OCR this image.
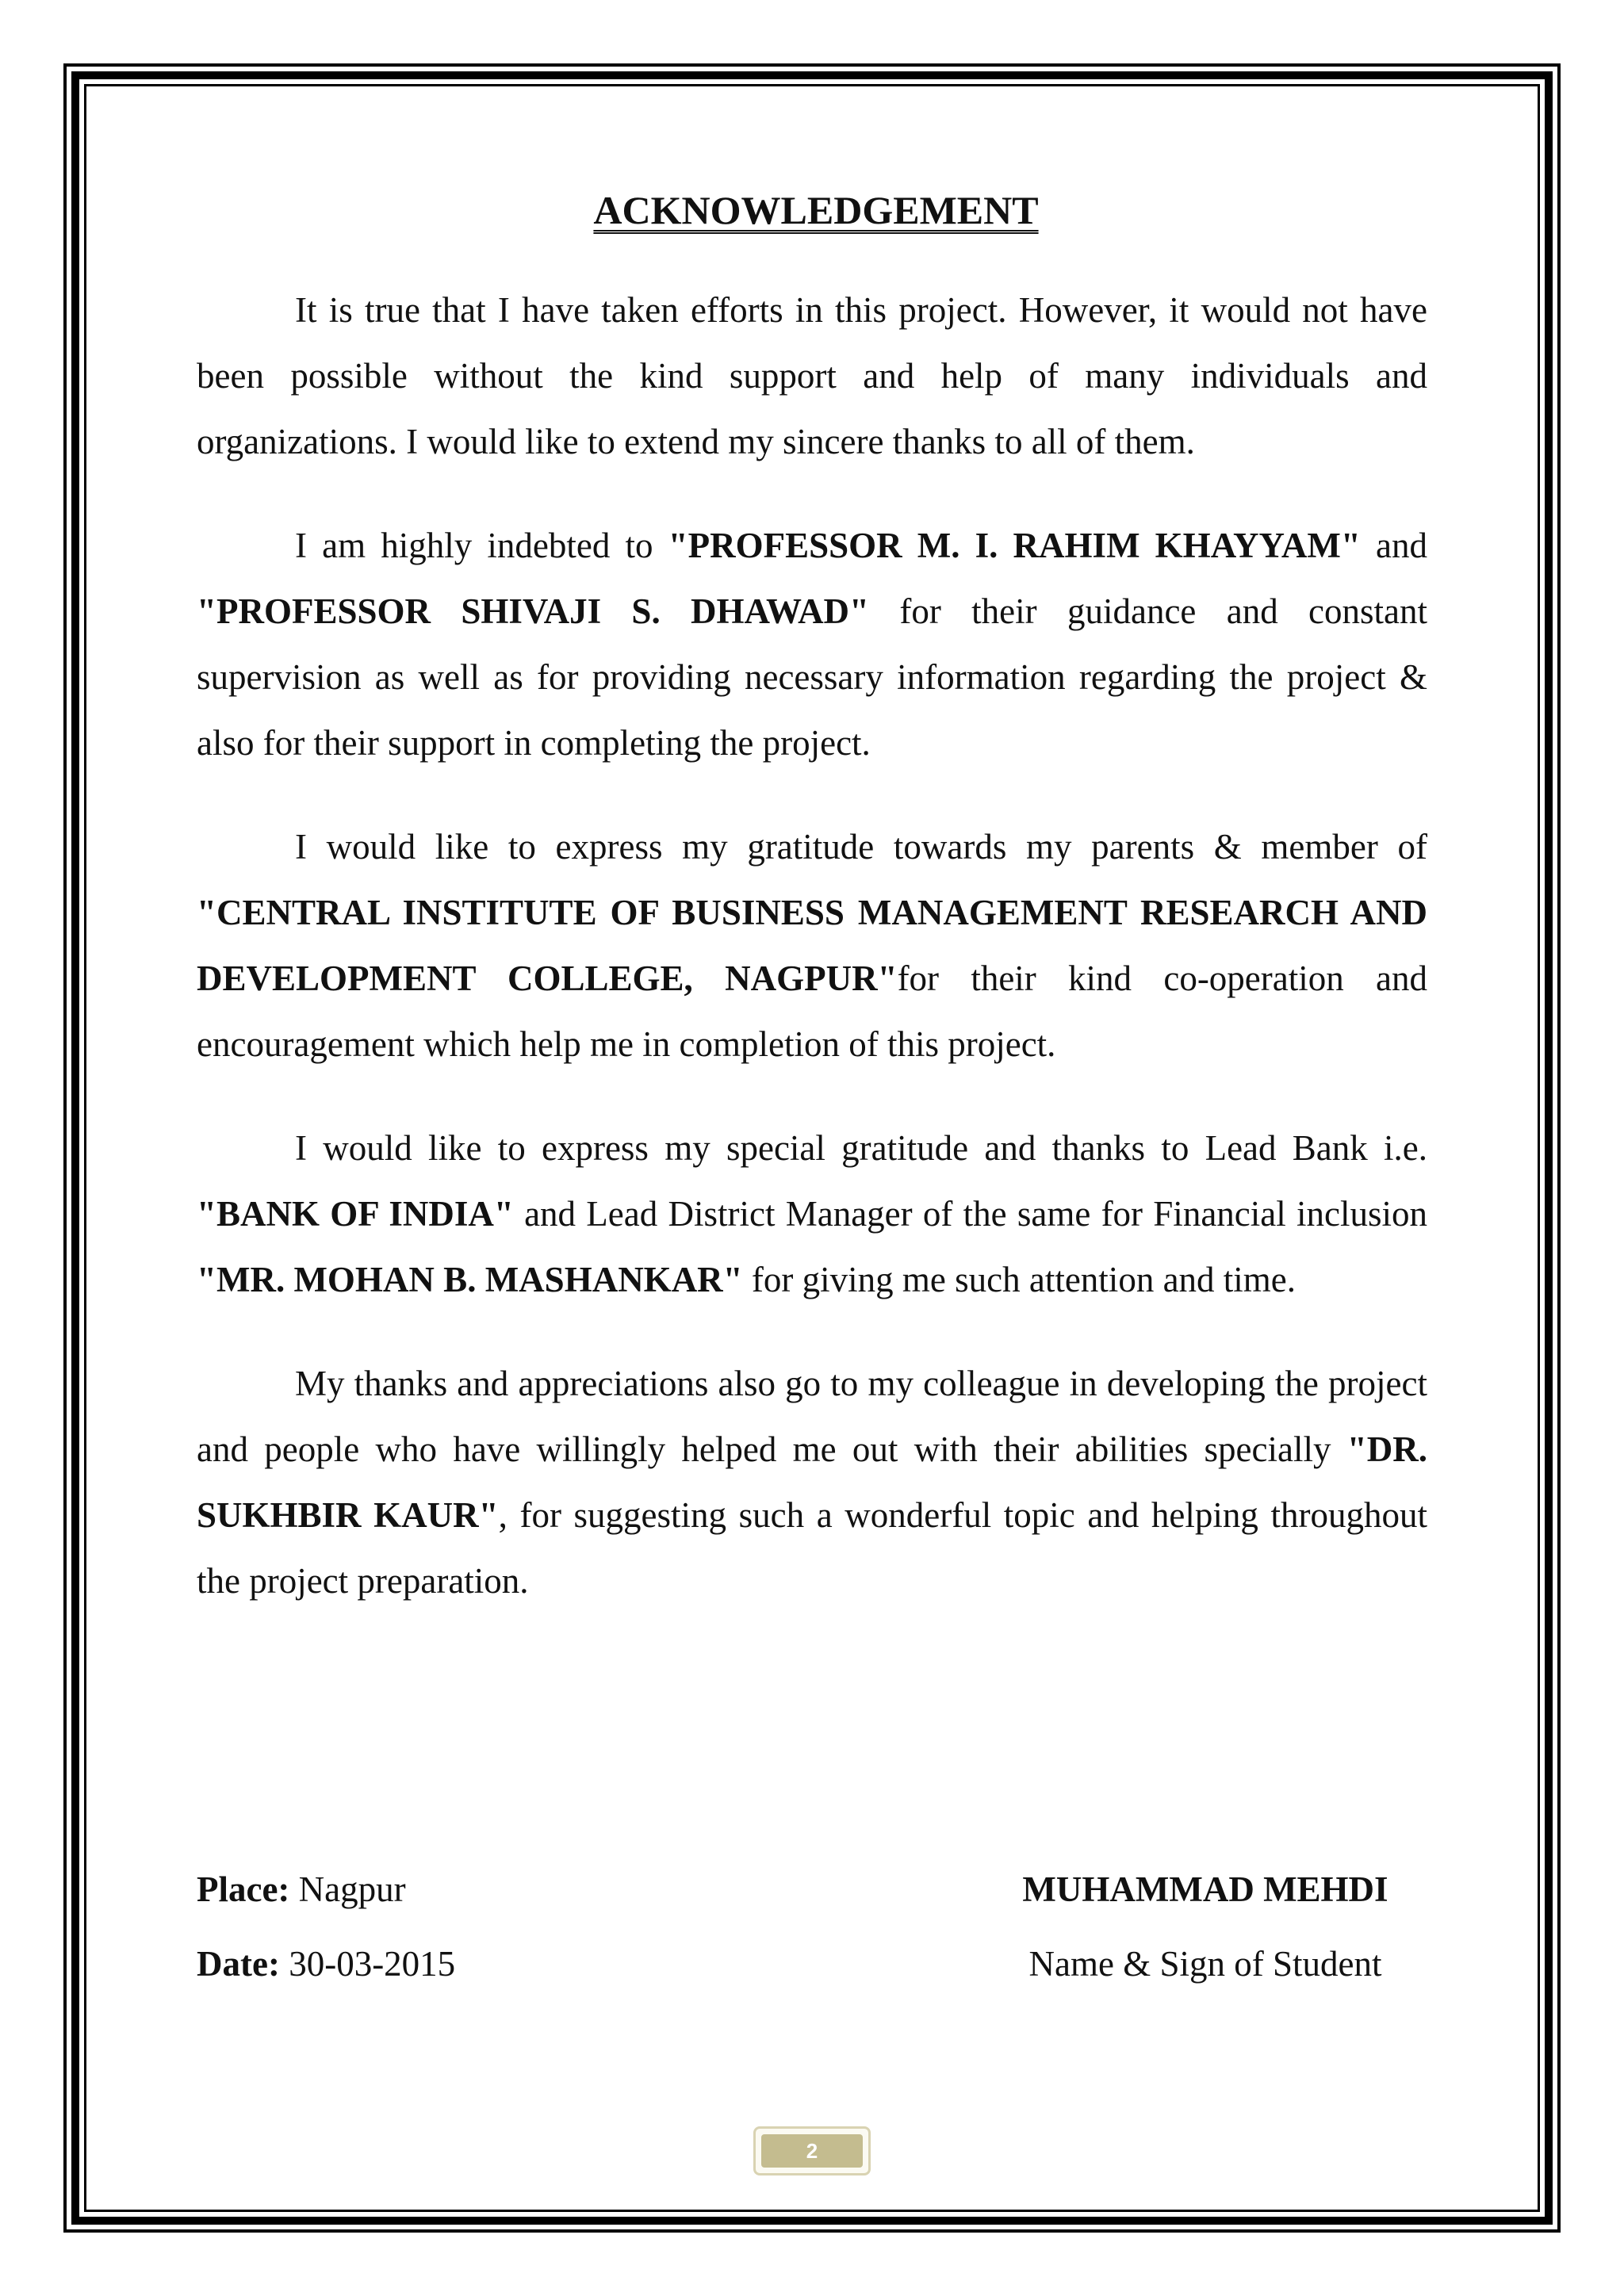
ACKNOWLEDGEMENT

It is true that I have taken efforts in this project. However, it would not have been possible without the kind support and help of many individuals and organizations. I would like to extend my sincere thanks to all of them.

I am highly indebted to "PROFESSOR M. I. RAHIM KHAYYAM" and "PROFESSOR SHIVAJI S. DHAWAD" for their guidance and constant supervision as well as for providing necessary information regarding the project & also for their support in completing the project.

I would like to express my gratitude towards my parents & member of "CENTRAL INSTITUTE OF BUSINESS MANAGEMENT RESEARCH AND DEVELOPMENT COLLEGE, NAGPUR"for their kind co-operation and encouragement which help me in completion of this project.

I would like to express my special gratitude and thanks to Lead Bank i.e. "BANK OF INDIA" and Lead District Manager of the same for Financial inclusion "MR. MOHAN B. MASHANKAR" for giving me such attention and time.

My thanks and appreciations also go to my colleague in developing the project and people who have willingly helped me out with their abilities specially "DR. SUKHBIR KAUR", for suggesting such a wonderful topic and helping throughout the project preparation.

Place: Nagpur	MUHAMMAD MEHDI
Date: 30-03-2015	Name & Sign of Student
2
